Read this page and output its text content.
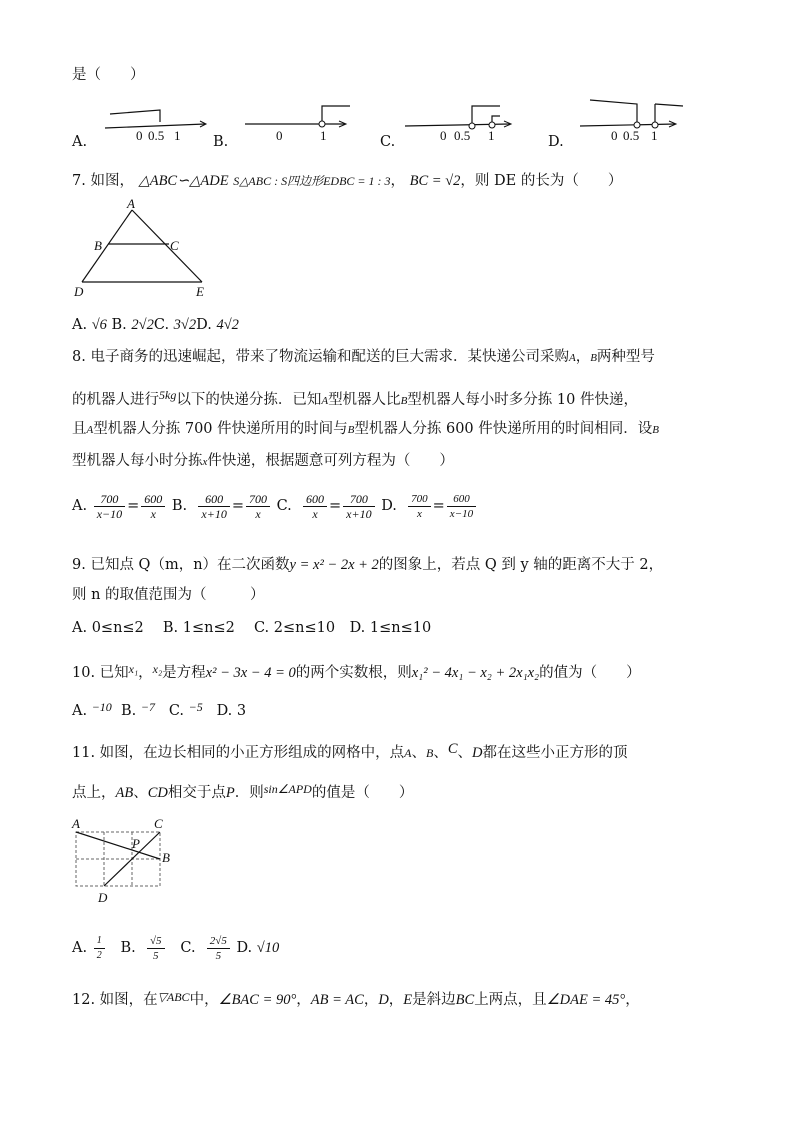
是（　　）
A.	0 0.5 1 B.	0	1	C.	0 0.5 1	D.	0 0.5 1
7. 如图， △ABC∽△ADE S△ABC : S四边形EDBC = 1 : 3， BC = √2，则 DE 的长为（　　）
A
B	C
D	E
A. √6 B. 2√2C. 3√2D. 4√2
8. 电子商务的迅速崛起，带来了物流运输和配送的巨大需求．某快递公司采购A，B两种型号
的机器人进行$^{5kg}$以下的快递分拣．已知A型机器人比B型机器人每小时多分拣 10 件快递，
且A型机器人分拣 700 件快递所用的时间与B型机器人分拣 600 件快递所用的时间相同．设B
型机器人每小时分拣x件快递，根据题意可列方程为（　　）
A. $\frac{700}{x-10} = \frac{600}{x} B$. $\frac{600}{x+10} = \frac{700}{x} C$. $\frac{600}{x} = \frac{700}{x+10} D$. $\frac{700}{x} = \frac{600}{x-10}$
9. 已知点 Q（m，n）在二次函数y = x² − 2x + 2的图象上，若点 Q 到 y 轴的距离不大于 2，
则 n 的取值范围为（　　　）
A. 0≤n≤2　 B. 1≤n≤2　 C. 2≤n≤10　D. 1≤n≤10
10. 已知$^{x_1}$，$^{x_2}$是方程x² − 3x − 4 = 0的两个实数根，则x₁² − 4x₁ − x₂ + 2x₁x₂的值为（　　）
A. $^{-10}$ B. $^{-7}$ C. $^{-5}$ D. 3
11. 如图，在边长相同的小正方形组成的网格中，点A、B、C、D都在这些小正方形的顶
点上，AB、CD相交于点P．则$^{sin\angle APD}$的值是（　　）
A	C
B
P
D
A. $\frac{1}{2} B$. $\frac{√5}{5} C$. $\frac{2√5}{5} D$. √10
12. 如图，在$^{▽ABC}$中，∠BAC = 90°，AB = AC，D，E是斜边BC上两点，且∠DAE = 45°，
